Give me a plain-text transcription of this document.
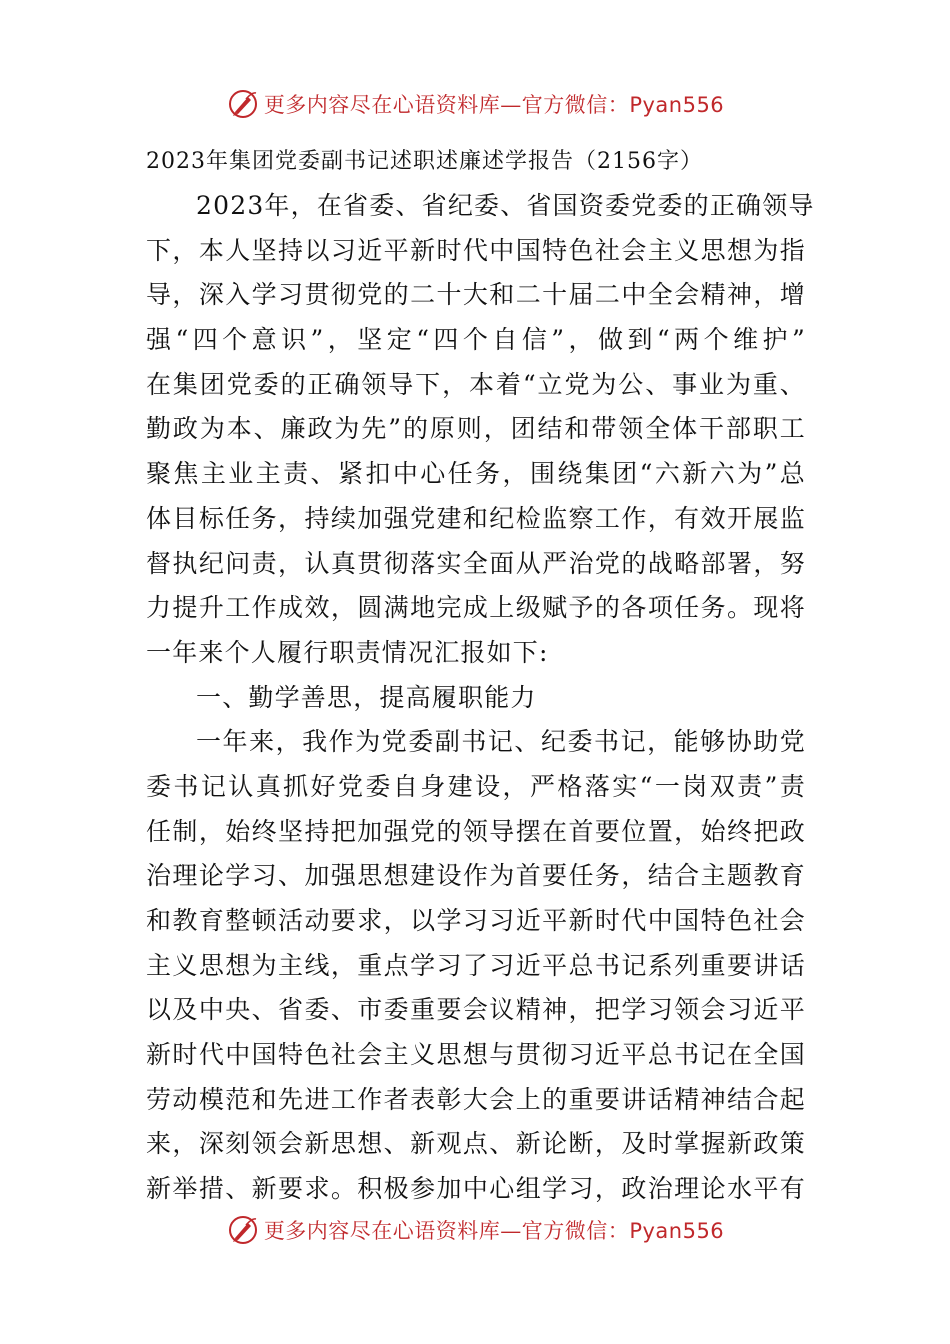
更多内容尽在心语资料库—官方微信：Pyan556
2023年集团党委副书记述职述廉述学报告（2156字）
2023年，在省委、省纪委、省国资委党委的正确领导
下，本人坚持以习近平新时代中国特色社会主义思想为指
导，深入学习贯彻党的二十大和二十届二中全会精神，增
强“四个意识”，坚定“四个自信”，做到“两个维护”
在集团党委的正确领导下，本着“立党为公、事业为重、
勤政为本、廉政为先”的原则，团结和带领全体干部职工
聚焦主业主责、紧扣中心任务，围绕集团“六新六为”总
体目标任务，持续加强党建和纪检监察工作，有效开展监
督执纪问责，认真贯彻落实全面从严治党的战略部署，努
力提升工作成效，圆满地完成上级赋予的各项任务。现将
一年来个人履行职责情况汇报如下:
一、勤学善思，提高履职能力
一年来，我作为党委副书记、纪委书记，能够协助党
委书记认真抓好党委自身建设，严格落实“一岗双责”责
任制，始终坚持把加强党的领导摆在首要位置，始终把政
治理论学习、加强思想建设作为首要任务，结合主题教育
和教育整顿活动要求，以学习习近平新时代中国特色社会
主义思想为主线，重点学习了习近平总书记系列重要讲话
以及中央、省委、市委重要会议精神，把学习领会习近平
新时代中国特色社会主义思想与贯彻习近平总书记在全国
劳动模范和先进工作者表彰大会上的重要讲话精神结合起
来，深刻领会新思想、新观点、新论断，及时掌握新政策
新举措、新要求。积极参加中心组学习，政治理论水平有
更多内容尽在心语资料库—官方微信：Pyan556
